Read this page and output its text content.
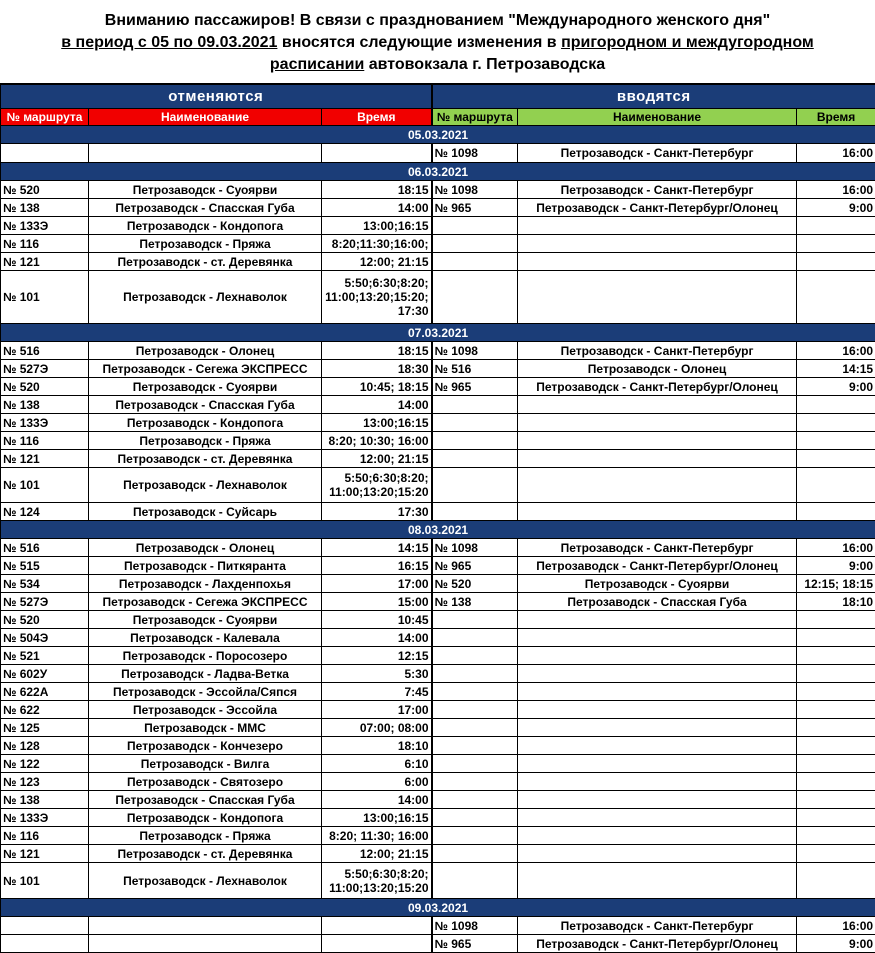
Вниманию пассажиров! В связи с празднованием "Международного женского дня"
в период с 05 по 09.03.2021 вносятся следующие изменения в пригородном и междугородном
расписании автовокзала г. Петрозаводска
отменяются			вводятся		
№ маршрута	Наименование	Время	№ маршрута	Наименование	Время
05.03.2021					
			№ 1098	Петрозаводск - Санкт-Петербург	16:00
06.03.2021					
№ 520	Петрозаводск - Суоярви	18:15	№ 1098	Петрозаводск - Санкт-Петербург	16:00
№ 138	Петрозаводск - Спасская Губа	14:00	№ 965	Петрозаводск - Санкт-Петербург/Олонец	9:00
№ 133Э	Петрозаводск - Кондопога	13:00;16:15			
№ 116	Петрозаводск - Пряжа	8:20;11:30;16:00;			
№ 121	Петрозаводск - ст. Деревянка	12:00; 21:15			
№ 101	Петрозаводск - Лехнаволок	5:50;6:30;8:20;
11:00;13:20;15:20;
17:30			

07.03.2021					
№ 516	Петрозаводск - Олонец	18:15	№ 1098	Петрозаводск - Санкт-Петербург	16:00
№ 527Э	Петрозаводск - Сегежа ЭКСПРЕСС	18:30	№ 516	Петрозаводск - Олонец	14:15
№ 520	Петрозаводск - Суоярви	10:45; 18:15	№ 965	Петрозаводск - Санкт-Петербург/Олонец	9:00
№ 138	Петрозаводск - Спасская Губа	14:00			
№ 133Э	Петрозаводск - Кондопога	13:00;16:15			
№ 116	Петрозаводск - Пряжа	8:20; 10:30; 16:00			
№ 121	Петрозаводск - ст. Деревянка	12:00; 21:15			
№ 101	Петрозаводск - Лехнаволок	5:50;6:30;8:20;
11:00;13:20;15:20			

№ 124	Петрозаводск - Суйсарь	17:30			
08.03.2021					
№ 516	Петрозаводск - Олонец	14:15	№ 1098	Петрозаводск - Санкт-Петербург	16:00
№ 515	Петрозаводск - Питкяранта	16:15	№ 965	Петрозаводск - Санкт-Петербург/Олонец	9:00
№ 534	Петрозаводск - Лахденпохья	17:00	№ 520	Петрозаводск - Суоярви	12:15; 18:15
№ 527Э	Петрозаводск - Сегежа ЭКСПРЕСС	15:00	№ 138	Петрозаводск - Спасская Губа	18:10
№ 520	Петрозаводск - Суоярви	10:45			
№ 504Э	Петрозаводск - Калевала	14:00			
№ 521	Петрозаводск - Поросозеро	12:15			
№ 602У	Петрозаводск - Ладва-Ветка	5:30			
№ 622А	Петрозаводск - Эссойла/Сяпся	7:45			
№ 622	Петрозаводск - Эссойла	17:00			
№ 125	Петрозаводск - ММС	07:00; 08:00			
№ 128	Петрозаводск - Кончезеро	18:10			
№ 122	Петрозаводск - Вилга	6:10			
№ 123	Петрозаводск - Святозеро	6:00			
№ 138	Петрозаводск - Спасская Губа	14:00			
№ 133Э	Петрозаводск - Кондопога	13:00;16:15			
№ 116	Петрозаводск - Пряжа	8:20; 11:30; 16:00			
№ 121	Петрозаводск - ст. Деревянка	12:00; 21:15			
№ 101	Петрозаводск - Лехнаволок	5:50;6:30;8:20;
11:00;13:20;15:20			

09.03.2021					
			№ 1098	Петрозаводск - Санкт-Петербург	16:00
			№ 965	Петрозаводск - Санкт-Петербург/Олонец	9:00
